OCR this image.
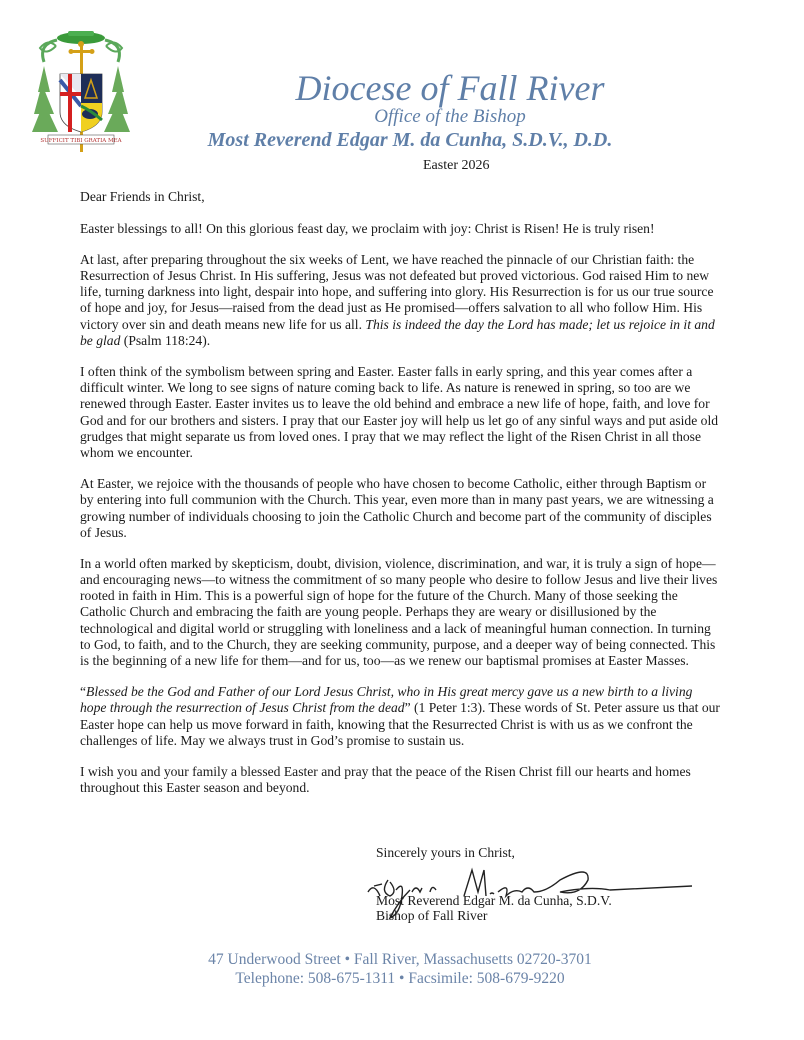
SUFFICIT TIBI GRATIA MEA
Diocese of Fall River
Office of the Bishop
Most Reverend Edgar M. da Cunha, S.D.V., D.D.
Easter 2026

Dear Friends in Christ,

Easter blessings to all! On this glorious feast day, we proclaim with joy: Christ is Risen! He is truly risen!

At last, after preparing throughout the six weeks of Lent, we have reached the pinnacle of our Christian faith: the Resurrection of Jesus Christ. In His suffering, Jesus was not defeated but proved victorious. God raised Him to new life, turning darkness into light, despair into hope, and suffering into glory. His Resurrection is for us our true source of hope and joy, for Jesus—raised from the dead just as He promised—offers salvation to all who follow Him. His victory over sin and death means new life for us all. This is indeed the day the Lord has made; let us rejoice in it and be glad (Psalm 118:24).

I often think of the symbolism between spring and Easter. Easter falls in early spring, and this year comes after a difficult winter. We long to see signs of nature coming back to life. As nature is renewed in spring, so too are we renewed through Easter. Easter invites us to leave the old behind and embrace a new life of hope, faith, and love for God and for our brothers and sisters. I pray that our Easter joy will help us let go of any sinful ways and put aside old grudges that might separate us from loved ones. I pray that we may reflect the light of the Risen Christ in all those whom we encounter.

At Easter, we rejoice with the thousands of people who have chosen to become Catholic, either through Baptism or by entering into full communion with the Church. This year, even more than in many past years, we are witnessing a growing number of individuals choosing to join the Catholic Church and become part of the community of disciples of Jesus.

In a world often marked by skepticism, doubt, division, violence, discrimination, and war, it is truly a sign of hope—and encouraging news—to witness the commitment of so many people who desire to follow Jesus and live their lives rooted in faith in Him. This is a powerful sign of hope for the future of the Church. Many of those seeking the Catholic Church and embracing the faith are young people. Perhaps they are weary or disillusioned by the technological and digital world or struggling with loneliness and a lack of meaningful human connection. In turning to God, to faith, and to the Church, they are seeking community, purpose, and a deeper way of being connected. This is the beginning of a new life for them—and for us, too—as we renew our baptismal promises at Easter Masses.

“Blessed be the God and Father of our Lord Jesus Christ, who in His great mercy gave us a new birth to a living hope through the resurrection of Jesus Christ from the dead” (1 Peter 1:3). These words of St. Peter assure us that our Easter hope can help us move forward in faith, knowing that the Resurrected Christ is with us as we confront the challenges of life. May we always trust in God’s promise to sustain us.

I wish you and your family a blessed Easter and pray that the peace of the Risen Christ fill our hearts and homes throughout this Easter season and beyond.

Sincerely yours in Christ,
Most Reverend Edgar M. da Cunha, S.D.V.
Bishop of Fall River
47 Underwood Street • Fall River, Massachusetts 02720-3701
Telephone: 508-675-1311 • Facsimile: 508-679-9220
